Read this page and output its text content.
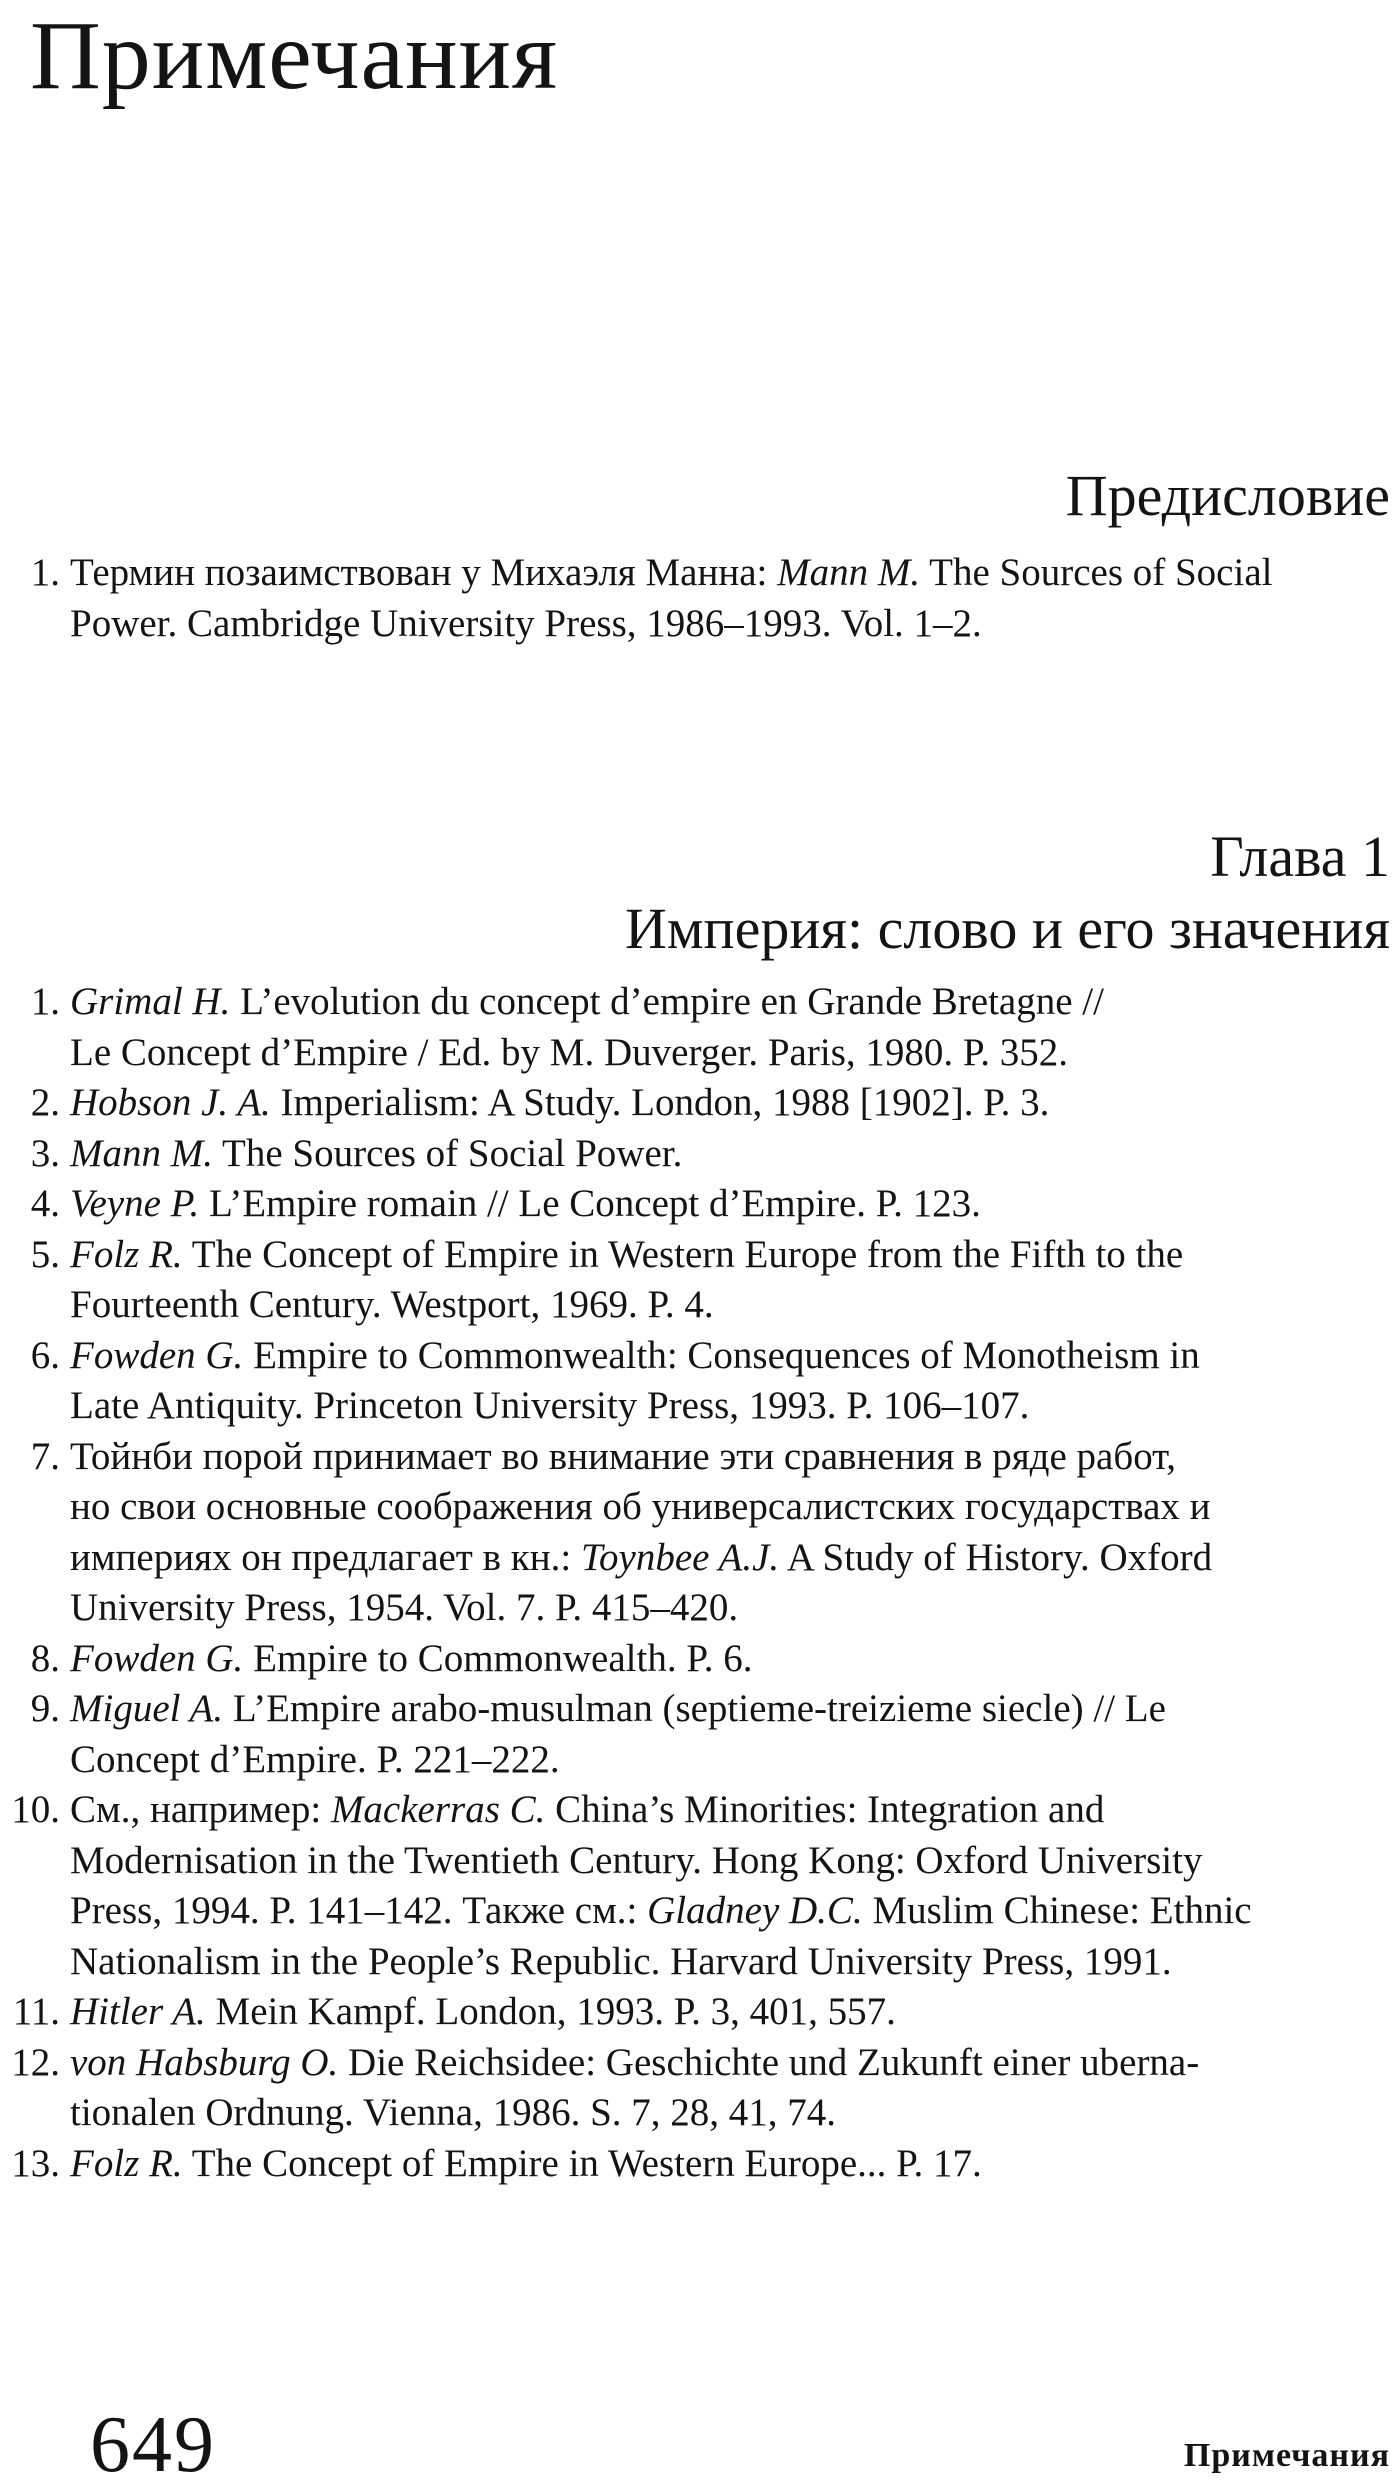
Примечания
Предисловие
1. Термин позаимствован у Михаэля Манна: Mann M. The Sources of Social
Power. Cambridge University Press, 1986–1993. Vol. 1–2.
Глава 1
Империя: слово и его значения
1. Grimal H. L’evolution du concept d’empire en Grande Bretagne //
Le Concept d’Empire / Ed. by M. Duverger. Paris, 1980. P. 352.
2. Hobson J. A. Imperialism: A Study. London, 1988 [1902]. P. 3.
3. Mann M. The Sources of Social Power.
4. Veyne P. L’Empire romain // Le Concept d’Empire. P. 123.
5. Folz R. The Concept of Empire in Western Europe from the Fifth to the
Fourteenth Century. Westport, 1969. P. 4.
6. Fowden G. Empire to Commonwealth: Consequences of Monotheism in
Late Antiquity. Princeton University Press, 1993. P. 106–107.
7. Тойнби порой принимает во внимание эти сравнения в ряде работ,
но свои основные соображения об универсалистских государствах и
империях он предлагает в кн.: Toynbee A.J. A Study of History. Oxford
University Press, 1954. Vol. 7. P. 415–420.
8. Fowden G. Empire to Commonwealth. P. 6.
9. Miguel A. L’Empire arabo-musulman (septieme-treizieme siecle) // Le
Concept d’Empire. P. 221–222.
10. См., например: Mackerras C. China’s Minorities: Integration and
Modernisation in the Twentieth Century. Hong Kong: Oxford University
Press, 1994. P. 141–142. Также см.: Gladney D.C. Muslim Chinese: Ethnic
Nationalism in the People’s Republic. Harvard University Press, 1991.
11. Hitler A. Mein Kampf. London, 1993. P. 3, 401, 557.
12. von Habsburg O. Die Reichsidee: Geschichte und Zukunft einer uberna-
tionalen Ordnung. Vienna, 1986. S. 7, 28, 41, 74.
13. Folz R. The Concept of Empire in Western Europe... P. 17.
649	Примечания
